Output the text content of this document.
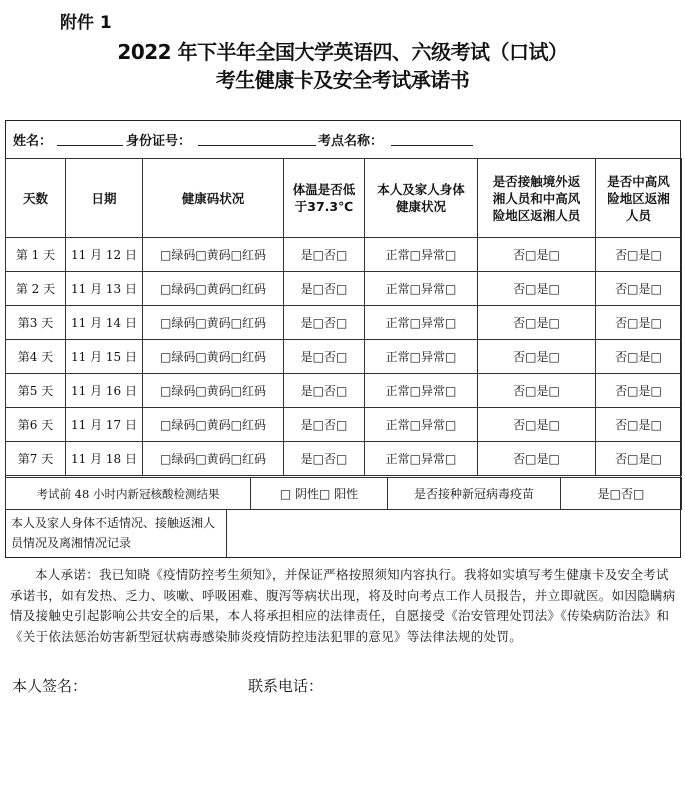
附件 1
2022 年下半年全国大学英语四、六级考试（口试）
考生健康卡及安全考试承诺书
姓名：	身份证号：	考点名称：
天数	日期	健康码状况	体温是否低于37.3℃	本人及家人身体健康状况	是否接触境外返湘人员和中高风险地区返湘人员	是否中高风险地区返湘人员
第 1 天	11 月 12 日	□绿码□黄码□红码	是□否□	正常□异常□	否□是□	否□是□
第 2 天	11 月 13 日	□绿码□黄码□红码	是□否□	正常□异常□	否□是□	否□是□
第3 天	11 月 14 日	□绿码□黄码□红码	是□否□	正常□异常□	否□是□	否□是□
第4 天	11 月 15 日	□绿码□黄码□红码	是□否□	正常□异常□	否□是□	否□是□
第5 天	11 月 16 日	□绿码□黄码□红码	是□否□	正常□异常□	否□是□	否□是□
第6 天	11 月 17 日	□绿码□黄码□红码	是□否□	正常□异常□	否□是□	否□是□
第7 天	11 月 18 日	□绿码□黄码□红码	是□否□	正常□异常□	否□是□	否□是□
考试前 48 小时内新冠核酸检测结果	□ 阴性□ 阳性	是否接种新冠病毒疫苗	是□否□
本人及家人身体不适情况、接触返湘人员情况及离湘情况记录
本人承诺：我已知晓《疫情防控考生须知》，并保证严格按照须知内容执行。我将如实填写考生健康卡及安全考试承诺书，如有发热、乏力、咳嗽、呼吸困难、腹泻等病状出现，将及时向考点工作人员报告，并立即就医。如因隐瞒病情及接触史引起影响公共安全的后果，本人将承担相应的法律责任，自愿接受《治安管理处罚法》《传染病防治法》和《关于依法惩治妨害新型冠状病毒感染肺炎疫情防控违法犯罪的意见》等法律法规的处罚。
本人签名：	联系电话：
